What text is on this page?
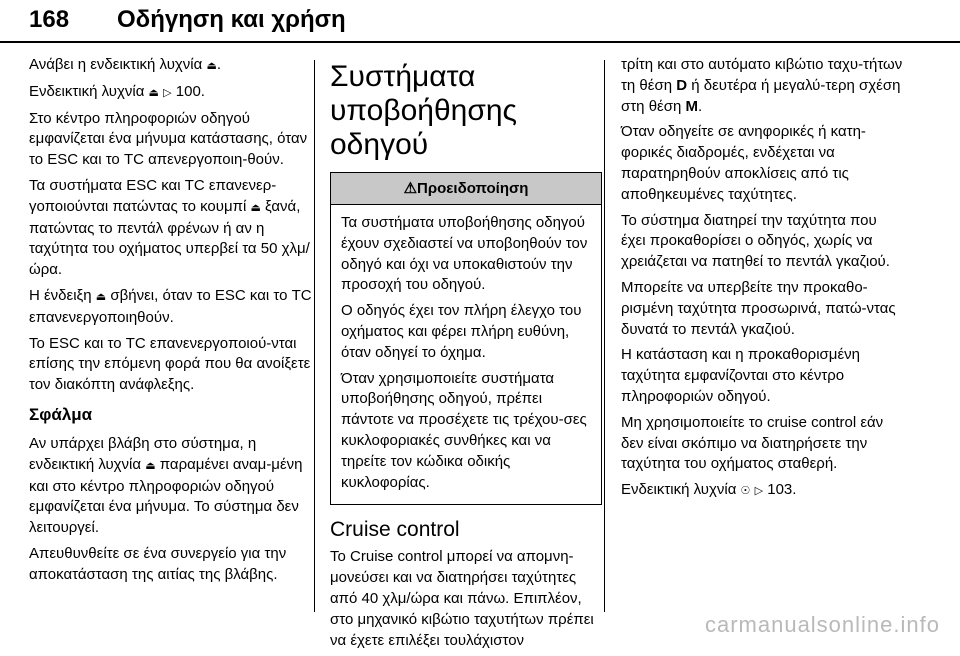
168 Οδήγηση και χρήση

Ανάβει η ενδεικτική λυχνία ⏏.

Ενδεικτική λυχνία ⏏ ▷ 100.

Στο κέντρο πληροφοριών οδηγού εμφανίζεται ένα μήνυμα κατάστασης, όταν το ESC και το TC απενεργοποιη-θούν.

Τα συστήματα ESC και TC επανενερ-γοποιούνται πατώντας το κουμπί ⏏ ξανά, πατώντας το πεντάλ φρένων ή αν η ταχύτητα του οχήματος υπερβεί τα 50 χλμ/ώρα.

Η ένδειξη ⏏ σβήνει, όταν το ESC και το TC επανενεργοποιηθούν.

Το ESC και το TC επανενεργοποιού-νται επίσης την επόμενη φορά που θα ανοίξετε τον διακόπτη ανάφλεξης.

Σφάλμα

Αν υπάρχει βλάβη στο σύστημα, η ενδεικτική λυχνία ⏏ παραμένει αναμ-μένη και στο κέντρο πληροφοριών οδηγού εμφανίζεται ένα μήνυμα. Το σύστημα δεν λειτουργεί.

Απευθυνθείτε σε ένα συνεργείο για την αποκατάσταση της αιτίας της βλάβης.

Συστήματα υποβοήθησης οδηγού
⚠Προειδοποίηση

Τα συστήματα υποβοήθησης οδηγού έχουν σχεδιαστεί να υποβοηθούν τον οδηγό και όχι να υποκαθιστούν την προσοχή του οδηγού.

Ο οδηγός έχει τον πλήρη έλεγχο του οχήματος και φέρει πλήρη ευθύνη, όταν οδηγεί το όχημα.

Όταν χρησιμοποιείτε συστήματα υποβοήθησης οδηγού, πρέπει πάντοτε να προσέχετε τις τρέχου-σες κυκλοφοριακές συνθήκες και να τηρείτε τον κώδικα οδικής κυκλοφορίας.

Cruise control

Το Cruise control μπορεί να απομνη-μονεύσει και να διατηρήσει ταχύτητες από 40 χλμ/ώρα και πάνω. Επιπλέον, στο μηχανικό κιβώτιο ταχυτήτων πρέπει να έχετε επιλέξει τουλάχιστον

τρίτη και στο αυτόματο κιβώτιο ταχυ-τήτων τη θέση D ή δευτέρα ή μεγαλύ-τερη σχέση στη θέση M.

Όταν οδηγείτε σε ανηφορικές ή κατη-φορικές διαδρομές, ενδέχεται να παρατηρηθούν αποκλίσεις από τις αποθηκευμένες ταχύτητες.

Το σύστημα διατηρεί την ταχύτητα που έχει προκαθορίσει ο οδηγός, χωρίς να χρειάζεται να πατηθεί το πεντάλ γκαζιού.

Μπορείτε να υπερβείτε την προκαθο-ρισμένη ταχύτητα προσωρινά, πατώ-ντας δυνατά το πεντάλ γκαζιού.

Η κατάσταση και η προκαθορισμένη ταχύτητα εμφανίζονται στο κέντρο πληροφοριών οδηγού.

Μη χρησιμοποιείτε το cruise control εάν δεν είναι σκόπιμο να διατηρήσετε την ταχύτητα του οχήματος σταθερή.

Ενδεικτική λυχνία ☉ ▷ 103.

carmanualsonline.info
